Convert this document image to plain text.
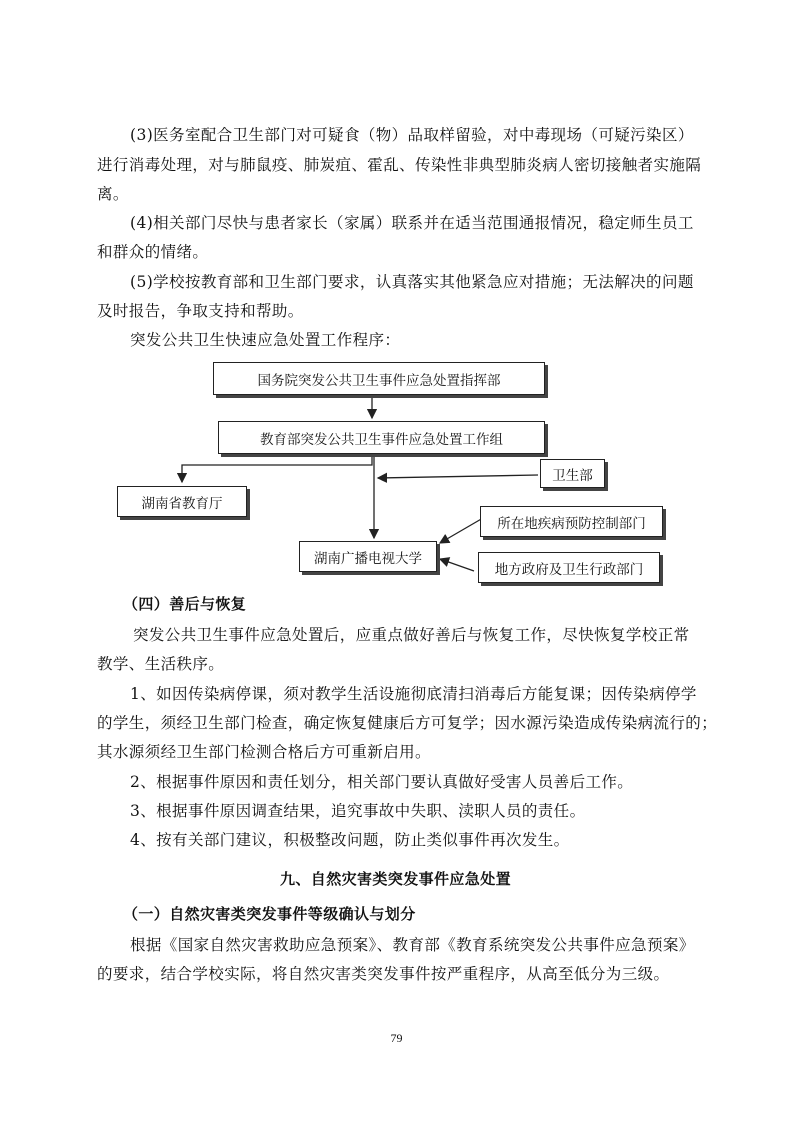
(3)医务室配合卫生部门对可疑食（物）品取样留验，对中毒现场（可疑污染区）
进行消毒处理，对与肺鼠疫、肺炭疽、霍乱、传染性非典型肺炎病人密切接触者实施隔
离。
(4)相关部门尽快与患者家长（家属）联系并在适当范围通报情况，稳定师生员工
和群众的情绪。
(5)学校按教育部和卫生部门要求，认真落实其他紧急应对措施；无法解决的问题
及时报告，争取支持和帮助。
突发公共卫生快速应急处置工作程序：
国务院突发公共卫生事件应急处置指挥部
教育部突发公共卫生事件应急处置工作组
卫生部
湖南省教育厅
所在地疾病预防控制部门
湖南广播电视大学
地方政府及卫生行政部门
（四）善后与恢复
突发公共卫生事件应急处置后，应重点做好善后与恢复工作，尽快恢复学校正常
教学、生活秩序。
1、如因传染病停课，须对教学生活设施彻底清扫消毒后方能复课；因传染病停学
的学生，须经卫生部门检查，确定恢复健康后方可复学；因水源污染造成传染病流行的；
其水源须经卫生部门检测合格后方可重新启用。
2、根据事件原因和责任划分，相关部门要认真做好受害人员善后工作。
3、根据事件原因调查结果，追究事故中失职、渎职人员的责任。
4、按有关部门建议，积极整改问题，防止类似事件再次发生。
九、自然灾害类突发事件应急处置
（一）自然灾害类突发事件等级确认与划分
根据《国家自然灾害救助应急预案》、教育部《教育系统突发公共事件应急预案》
的要求，结合学校实际，将自然灾害类突发事件按严重程序，从高至低分为三级。
79
